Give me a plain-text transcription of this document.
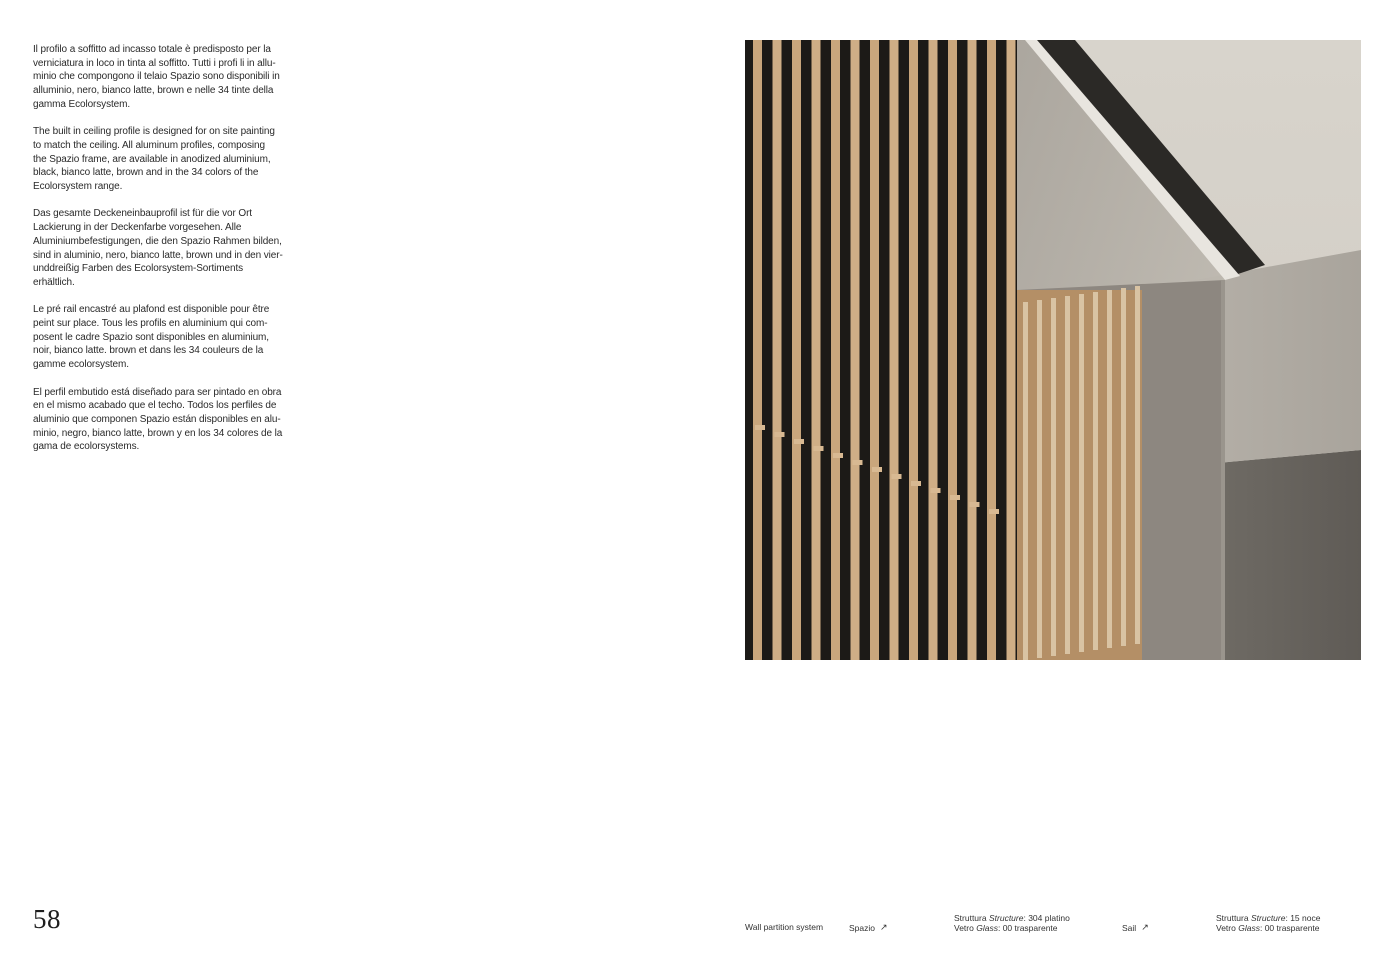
Il profilo a soffitto ad incasso totale è predisposto per la
verniciatura in loco in tinta al soffitto. Tutti i profi li in allu-
minio che compongono il telaio Spazio sono disponibili in
alluminio, nero, bianco latte, brown e nelle 34 tinte della
gamma Ecolorsystem.

The built in ceiling profile is designed for on site painting
to match the ceiling. All aluminum profiles, composing
the Spazio frame, are available in anodized aluminium,
black, bianco latte, brown and in the 34 colors of the
Ecolorsystem range.

Das gesamte Deckeneinbauprofil ist für die vor Ort
Lackierung in der Deckenfarbe vorgesehen. Alle
Aluminiumbefestigungen, die den Spazio Rahmen bilden,
sind in aluminio, nero, bianco latte, brown und in den vier-
unddreißig Farben des Ecolorsystem-Sortiments
erhältlich.

Le pré rail encastré au plafond est disponible pour être
peint sur place. Tous les profils en aluminium qui com-
posent le cadre Spazio sont disponibles en aluminium,
noir, bianco latte. brown et dans les 34 couleurs de la
gamme ecolorsystem.

El perfil embutido está diseñado para ser pintado en obra
en el mismo acabado que el techo. Todos los perfiles de
aluminio que componen Spazio están disponibles en alu-
minio, negro, bianco latte, brown y en los 34 colores de la
gama de ecolorsystems.

58	Wall partition system	Spazio ↗
Struttura Structure: 304 platino
Vetro Glass: 00 trasparente	Sail ↗
Struttura Structure: 15 noce
Vetro Glass: 00 trasparente
